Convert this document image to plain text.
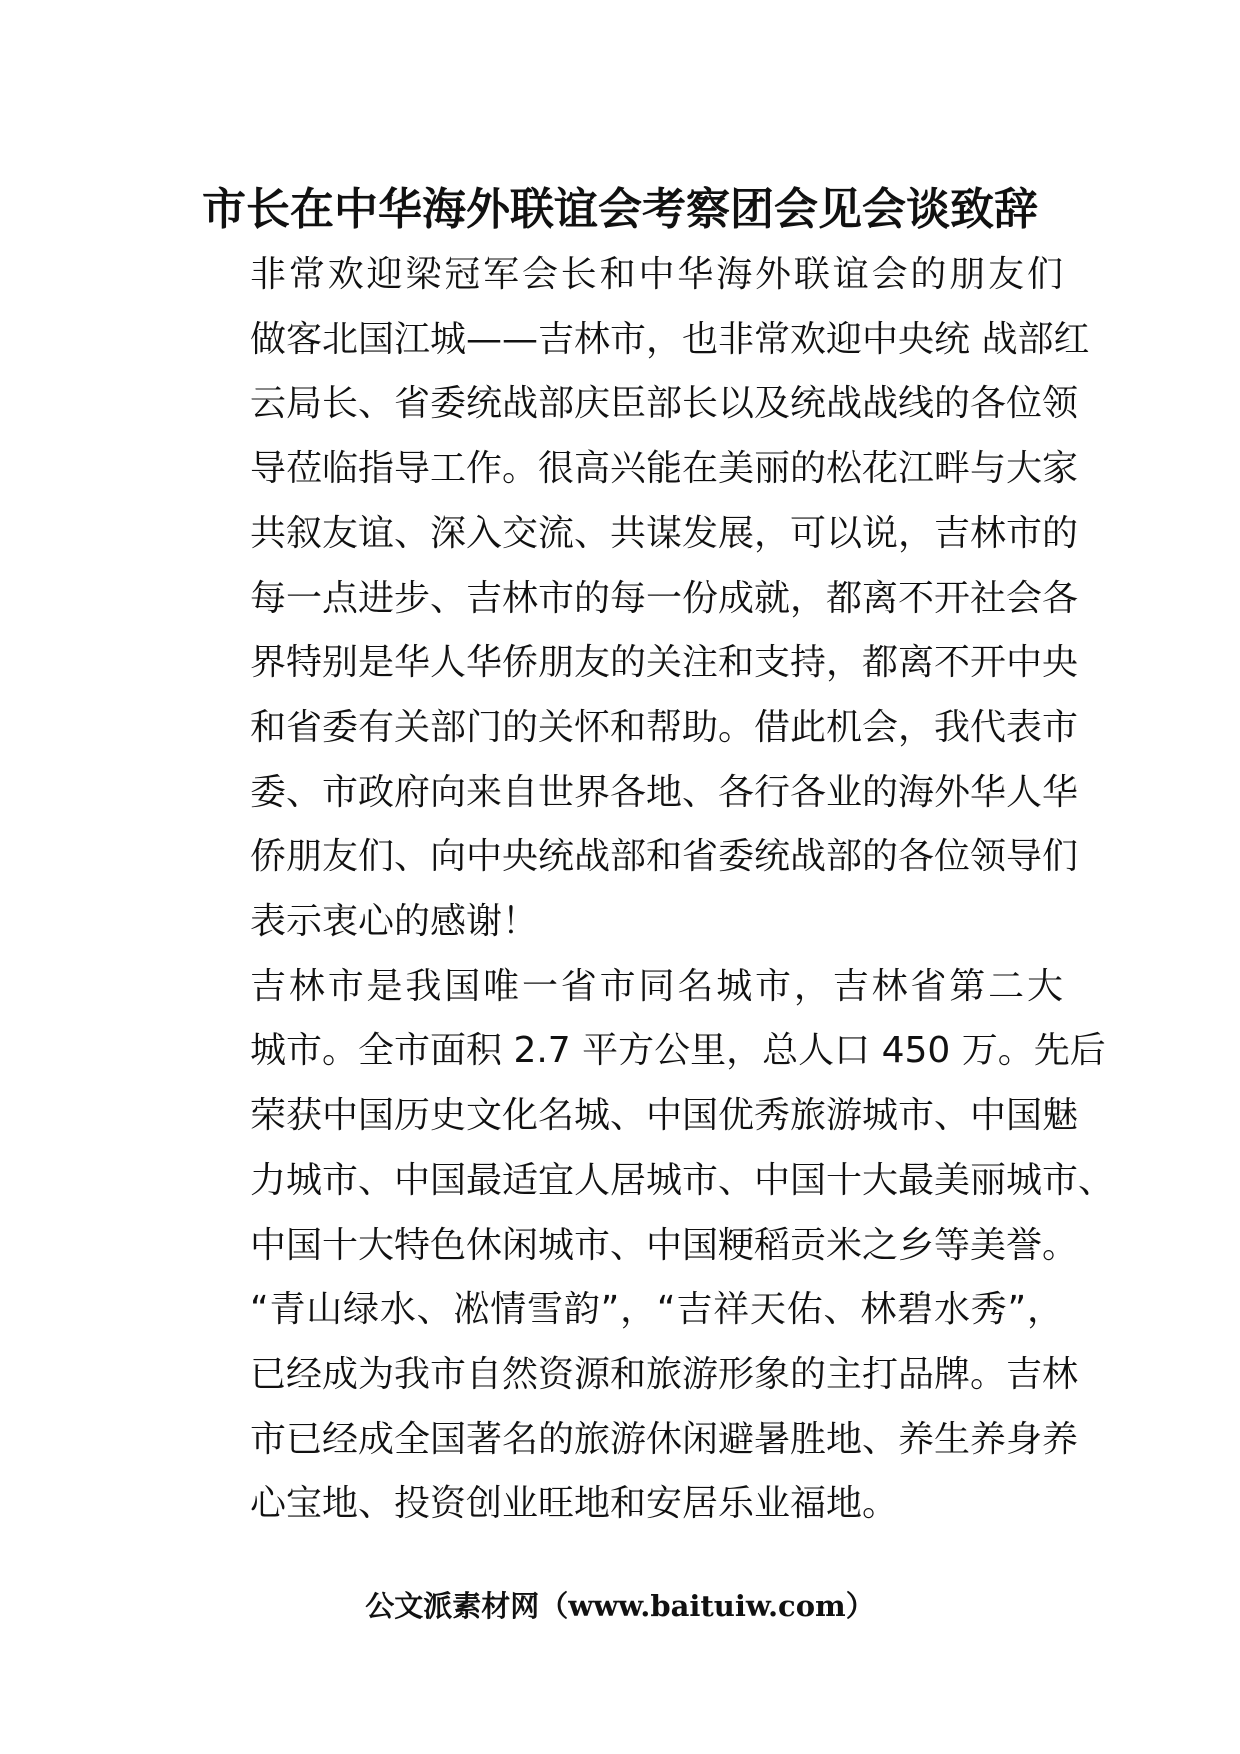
市长在中华海外联谊会考察团会见会谈致辞

非常欢迎梁冠军会长和中华海外联谊会的朋友们
做客北国江城——吉林市，也非常欢迎中央统 战部红
云局长、省委统战部庆臣部长以及统战战线的各位领
导莅临指导工作。很高兴能在美丽的松花江畔与大家
共叙友谊、深入交流、共谋发展，可以说，吉林市的
每一点进步、吉林市的每一份成就，都离不开社会各
界特别是华人华侨朋友的关注和支持，都离不开中央
和省委有关部门的关怀和帮助。借此机会，我代表市
委、市政府向来自世界各地、各行各业的海外华人华
侨朋友们、向中央统战部和省委统战部的各位领导们
表示衷心的感谢！

吉林市是我国唯一省市同名城市，吉林省第二大
城市。全市面积 2.7 平方公里，总人口 450 万。先后
荣获中国历史文化名城、中国优秀旅游城市、中国魅
力城市、中国最适宜人居城市、中国十大最美丽城市、
中国十大特色休闲城市、中国粳稻贡米之乡等美誉。
“青山绿水、凇情雪韵”，“吉祥天佑、林碧水秀”，
已经成为我市自然资源和旅游形象的主打品牌。吉林
市已经成全国著名的旅游休闲避暑胜地、养生养身养
心宝地、投资创业旺地和安居乐业福地。

公文派素材网（www.baituiw.com）
